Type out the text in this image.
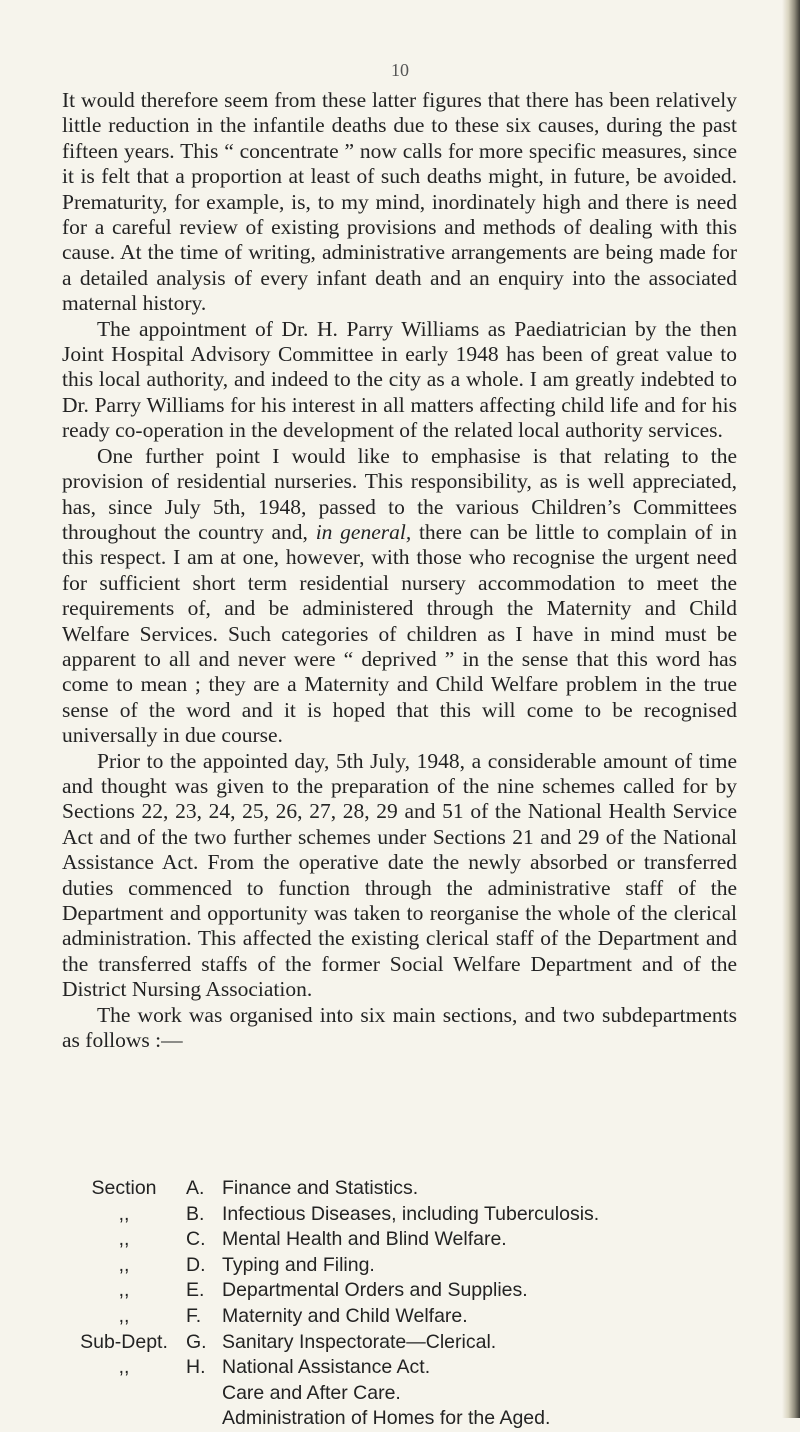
10

It would therefore seem from these latter figures that there has been relatively little reduction in the infantile deaths due to these six causes, during the past fifteen years. This “ concentrate ” now calls for more specific measures, since it is felt that a proportion at least of such deaths might, in future, be avoided. Prematurity, for example, is, to my mind, inordinately high and there is need for a careful review of existing provisions and methods of dealing with this cause. At the time of writing, administrative arrangements are being made for a detailed analysis of every infant death and an enquiry into the associated maternal history.

The appointment of Dr. H. Parry Williams as Paediatrician by the then Joint Hospital Advisory Committee in early 1948 has been of great value to this local authority, and indeed to the city as a whole. I am greatly indebted to Dr. Parry Williams for his interest in all matters affecting child life and for his ready co-operation in the development of the related local authority services.

One further point I would like to emphasise is that relating to the provision of residential nurseries. This responsibility, as is well appreciated, has, since July 5th, 1948, passed to the various Children’s Committees throughout the country and, in general, there can be little to complain of in this respect. I am at one, however, with those who recognise the urgent need for sufficient short term residential nursery accommodation to meet the requirements of, and be administered through the Maternity and Child Welfare Services. Such categories of children as I have in mind must be apparent to all and never were “ deprived ” in the sense that this word has come to mean ; they are a Maternity and Child Welfare problem in the true sense of the word and it is hoped that this will come to be recognised universally in due course.

Prior to the appointed day, 5th July, 1948, a considerable amount of time and thought was given to the preparation of the nine schemes called for by Sections 22, 23, 24, 25, 26, 27, 28, 29 and 51 of the National Health Service Act and of the two further schemes under Sections 21 and 29 of the National Assistance Act. From the operative date the newly absorbed or transferred duties commenced to function through the administrative staff of the Department and opportunity was taken to reorganise the whole of the clerical administration. This affected the existing clerical staff of the Department and the transferred staffs of the former Social Welfare Department and of the District Nursing Association.

The work was organised into six main sections, and two subdepartments as follows :—

Section	A. Finance and Statistics.
,,	B. Infectious Diseases, including Tuberculosis.
,,	C. Mental Health and Blind Welfare.
,,	D. Typing and Filing.
,,	E. Departmental Orders and Supplies.
,,	F.	Maternity and Child Welfare.
Sub-Dept. G. Sanitary Inspectorate—Clerical.
,,	H. National Assistance Act.
Care and After Care.
Administration of Homes for the Aged.
